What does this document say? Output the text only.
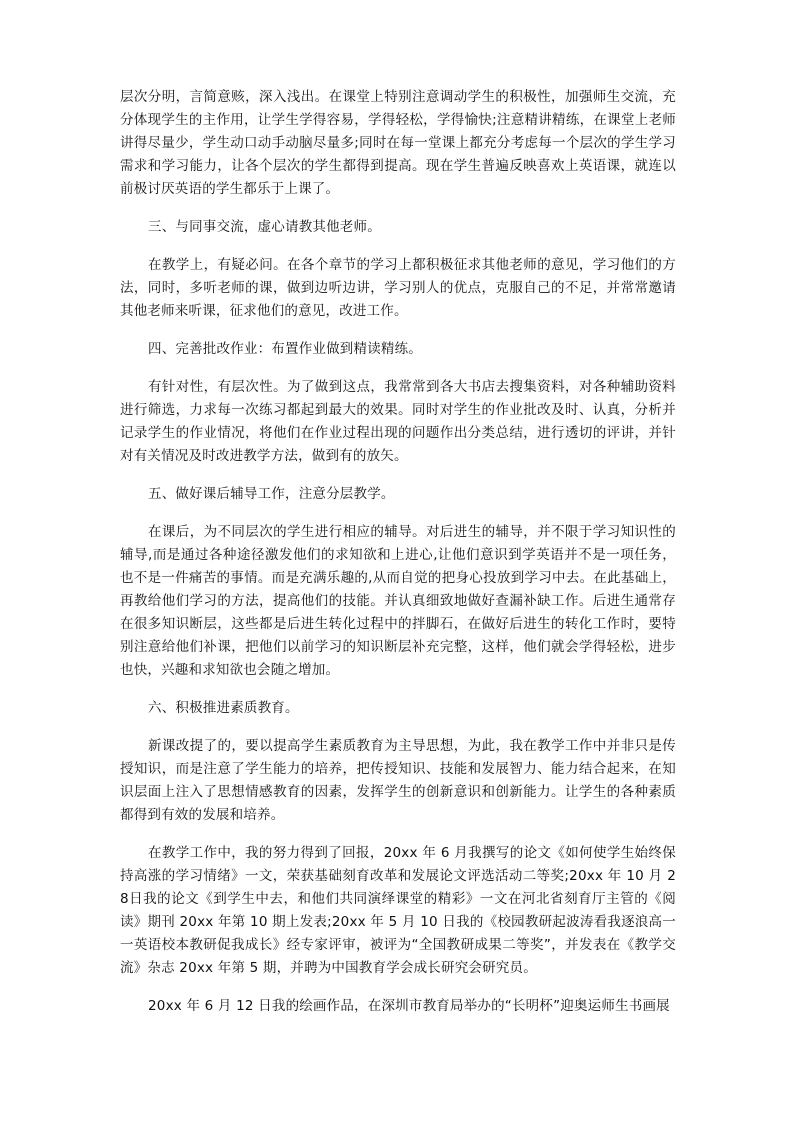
层次分明，言简意赅，深入浅出。在课堂上特别注意调动学生的积极性，加强师生交流，充分体现学生的主作用，让学生学得容易，学得轻松，学得愉快;注意精讲精练，在课堂上老师讲得尽量少，学生动口动手动脑尽量多;同时在每一堂课上都充分考虑每一个层次的学生学习需求和学习能力，让各个层次的学生都得到提高。现在学生普遍反映喜欢上英语课，就连以前极讨厌英语的学生都乐于上课了。

三、与同事交流，虚心请教其他老师。

在教学上，有疑必问。在各个章节的学习上都积极征求其他老师的意见，学习他们的方法，同时，多听老师的课，做到边听边讲，学习别人的优点，克服自己的不足，并常常邀请其他老师来听课，征求他们的意见，改进工作。

四、完善批改作业：布置作业做到精读精练。

有针对性，有层次性。为了做到这点，我常常到各大书店去搜集资料，对各种辅助资料进行筛选，力求每一次练习都起到最大的效果。同时对学生的作业批改及时、认真，分析并记录学生的作业情况，将他们在作业过程出现的问题作出分类总结，进行透切的评讲，并针对有关情况及时改进教学方法，做到有的放矢。

五、做好课后辅导工作，注意分层教学。

在课后，为不同层次的学生进行相应的辅导。对后进生的辅导，并不限于学习知识性的辅导,而是通过各种途径激发他们的求知欲和上进心,让他们意识到学英语并不是一项任务，也不是一件痛苦的事情。而是充满乐趣的,从而自觉的把身心投放到学习中去。在此基础上，再教给他们学习的方法，提高他们的技能。并认真细致地做好查漏补缺工作。后进生通常存在很多知识断层，这些都是后进生转化过程中的拌脚石，在做好后进生的转化工作时，要特别注意给他们补课，把他们以前学习的知识断层补充完整，这样，他们就会学得轻松，进步也快，兴趣和求知欲也会随之增加。

六、积极推进素质教育。

新课改提了的，要以提高学生素质教育为主导思想，为此，我在教学工作中并非只是传授知识，而是注意了学生能力的培养，把传授知识、技能和发展智力、能力结合起来，在知识层面上注入了思想情感教育的因素，发挥学生的创新意识和创新能力。让学生的各种素质都得到有效的发展和培养。

在教学工作中，我的努力得到了回报，20xx 年 6 月我撰写的论文《如何使学生始终保持高涨的学习情绪》一文，荣获基础刻育改革和发展论文评选活动二等奖;20xx 年 10 月 28日我的论文《到学生中去，和他们共同演绎课堂的精彩》一文在河北省刻育厅主管的《阅读》期刊 20xx 年第 10 期上发表;20xx 年 5 月 10 日我的《校园教研起波涛看我逐浪高一一英语校本教研促我成长》经专家评审，被评为“全国教研成果二等奖”，并发表在《教学交流》杂志 20xx 年第 5 期，并聘为中国教育学会成长研究会研究员。

20xx 年 6 月 12 日我的绘画作品，在深圳市教育局举办的“长明杯”迎奥运师生书画展
